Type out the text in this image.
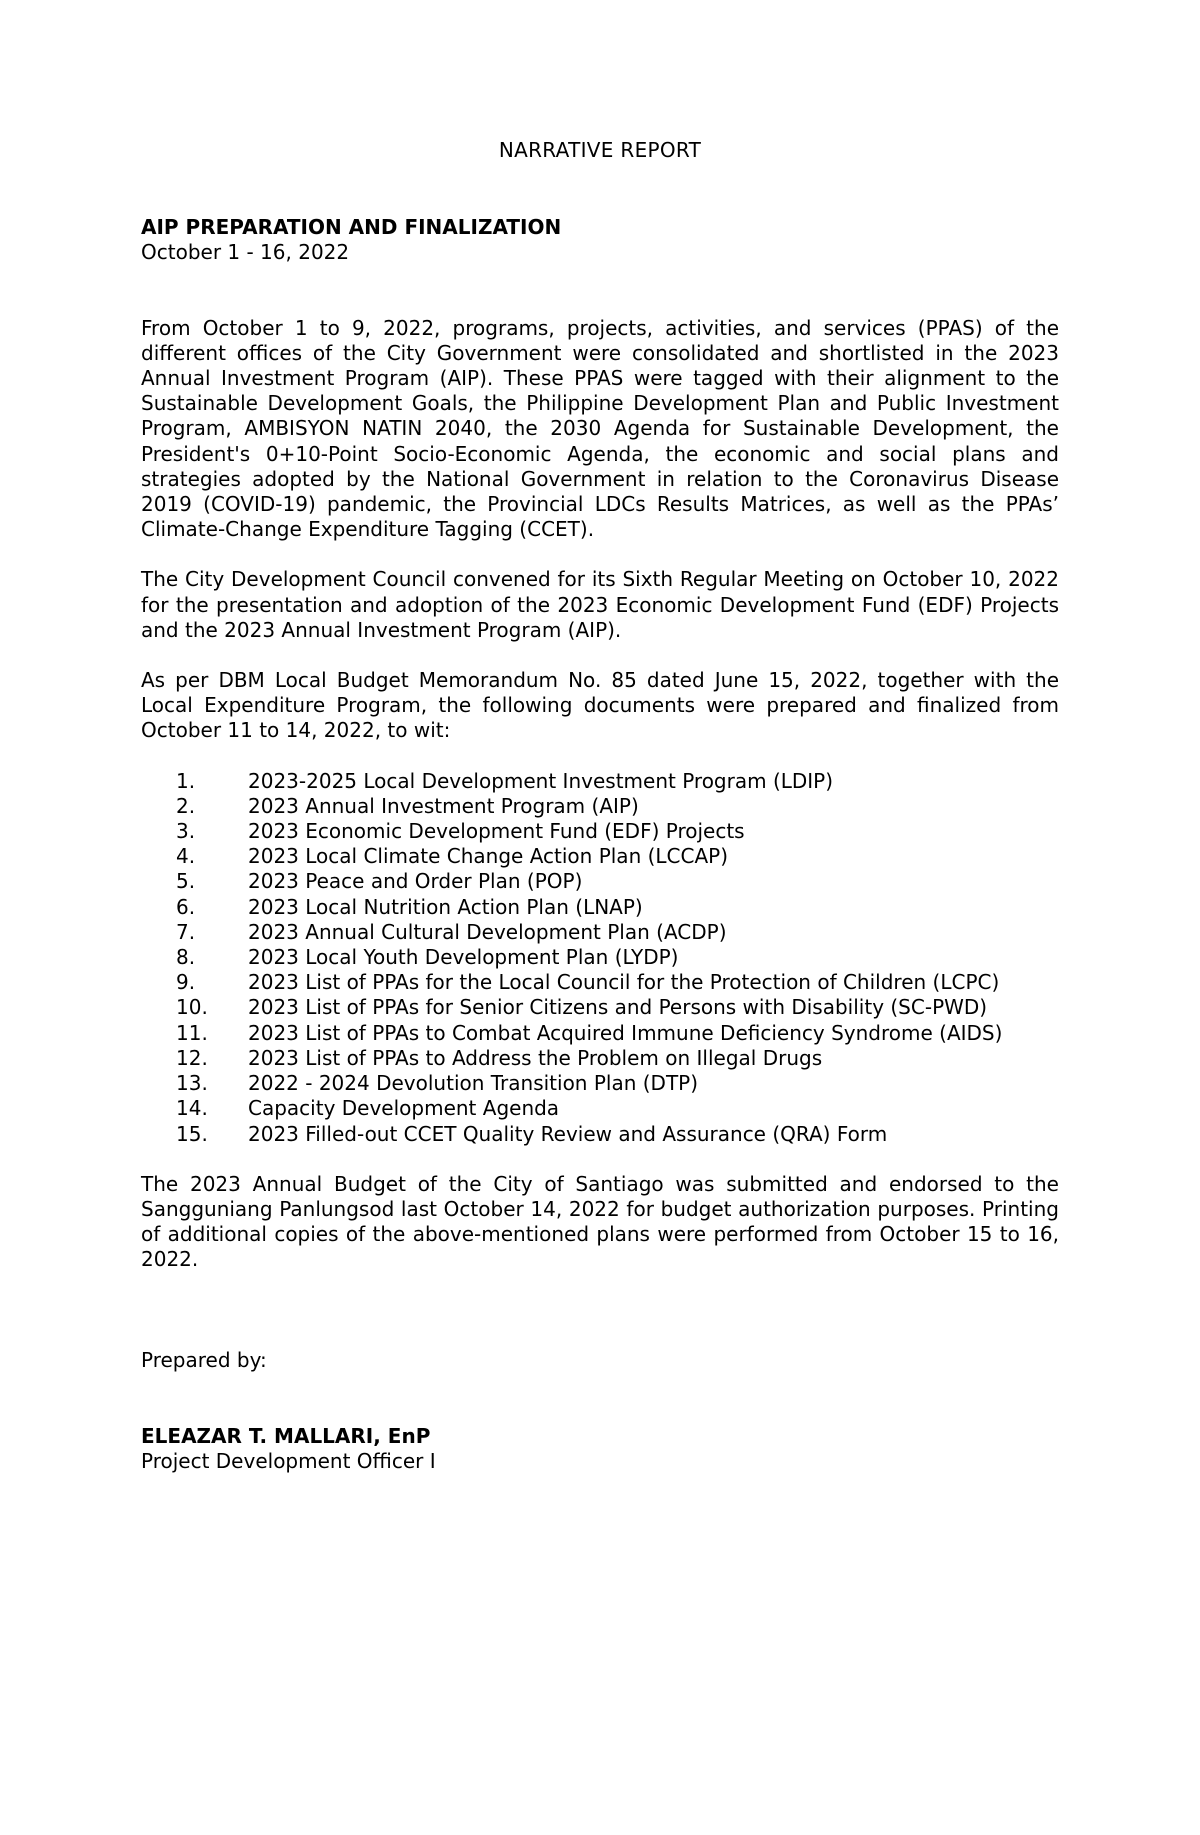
NARRATIVE REPORT
AIP PREPARATION AND FINALIZATION

October 1 - 16, 2022

From October 1 to 9, 2022, programs, projects, activities, and services (PPAS) of the different offices of the City Government were consolidated and shortlisted in the 2023 Annual Investment Program (AIP). These PPAS were tagged with their alignment to the Sustainable Development Goals, the Philippine Development Plan and Public Investment Program, AMBISYON NATIN 2040, the 2030 Agenda for Sustainable Development, the President's 0+10-Point Socio-Economic Agenda, the economic and social plans and strategies adopted by the National Government in relation to the Coronavirus Disease 2019 (COVID-19) pandemic, the Provincial LDCs Results Matrices, as well as the PPAs’ Climate-Change Expenditure Tagging (CCET).

The City Development Council convened for its Sixth Regular Meeting on October 10, 2022 for the presentation and adoption of the 2023 Economic Development Fund (EDF) Projects and the 2023 Annual Investment Program (AIP).

As per DBM Local Budget Memorandum No. 85 dated June 15, 2022, together with the Local Expenditure Program, the following documents were prepared and finalized from October 11 to 14, 2022, to wit:

1.	2023-2025 Local Development Investment Program (LDIP)
2.	2023 Annual Investment Program (AIP)
3.	2023 Economic Development Fund (EDF) Projects
4.	2023 Local Climate Change Action Plan (LCCAP)
5.	2023 Peace and Order Plan (POP)
6.	2023 Local Nutrition Action Plan (LNAP)
7.	2023 Annual Cultural Development Plan (ACDP)
8.	2023 Local Youth Development Plan (LYDP)
9.	2023 List of PPAs for the Local Council for the Protection of Children (LCPC)
10.	2023 List of PPAs for Senior Citizens and Persons with Disability (SC-PWD)
11.	2023 List of PPAs to Combat Acquired Immune Deficiency Syndrome (AIDS)
12.	2023 List of PPAs to Address the Problem on Illegal Drugs
13.	2022 - 2024 Devolution Transition Plan (DTP)
14.	Capacity Development Agenda
15.	2023 Filled-out CCET Quality Review and Assurance (QRA) Form

The 2023 Annual Budget of the City of Santiago was submitted and endorsed to the Sangguniang Panlungsod last October 14, 2022 for budget authorization purposes. Printing of additional copies of the above-mentioned plans were performed from October 15 to 16, 2022.

Prepared by:

ELEAZAR T. MALLARI, EnP

Project Development Officer I
